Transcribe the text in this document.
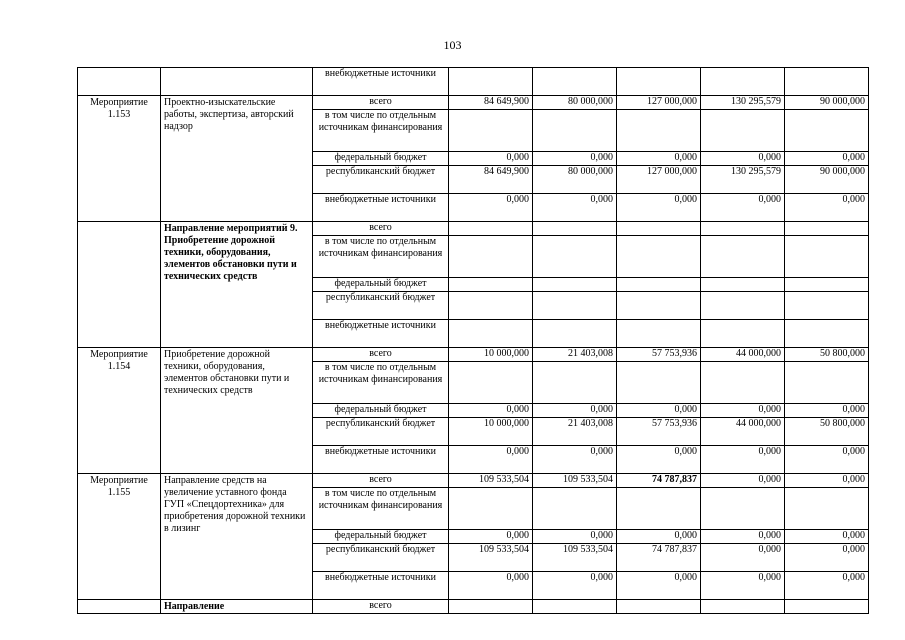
103
		внебюджетные источники					
Мероприятие 1.153	Проектно-изыскательские работы, экспертиза, авторский надзор	всего	84 649,900	80 000,000	127 000,000	130 295,579	90 000,000
		в том числе по отдельным источникам финансирования					
		федеральный бюджет	0,000	0,000	0,000	0,000	0,000
		республиканский бюджет	84 649,900	80 000,000	127 000,000	130 295,579	90 000,000
		внебюджетные источники	0,000	0,000	0,000	0,000	0,000
	Направление мероприятий 9. Приобретение дорожной техники, оборудования, элементов обстановки пути и технических средств	всего					
		в том числе по отдельным источникам финансирования					
		федеральный бюджет					
		республиканский бюджет					
		внебюджетные источники					
Мероприятие 1.154	Приобретение дорожной техники, оборудования, элементов обстановки пути и технических средств	всего	10 000,000	21 403,008	57 753,936	44 000,000	50 800,000
		в том числе по отдельным источникам финансирования					
		федеральный бюджет	0,000	0,000	0,000	0,000	0,000
		республиканский бюджет	10 000,000	21 403,008	57 753,936	44 000,000	50 800,000
		внебюджетные источники	0,000	0,000	0,000	0,000	0,000
Мероприятие 1.155	Направление средств на увеличение уставного фонда ГУП «Спецдортехника» для приобретения дорожной техники в лизинг	всего	109 533,504	109 533,504	74 787,837	0,000	0,000
		в том числе по отдельным источникам финансирования					
		федеральный бюджет	0,000	0,000	0,000	0,000	0,000
		республиканский бюджет	109 533,504	109 533,504	74 787,837	0,000	0,000
		внебюджетные источники	0,000	0,000	0,000	0,000	0,000
	Направление	всего					
